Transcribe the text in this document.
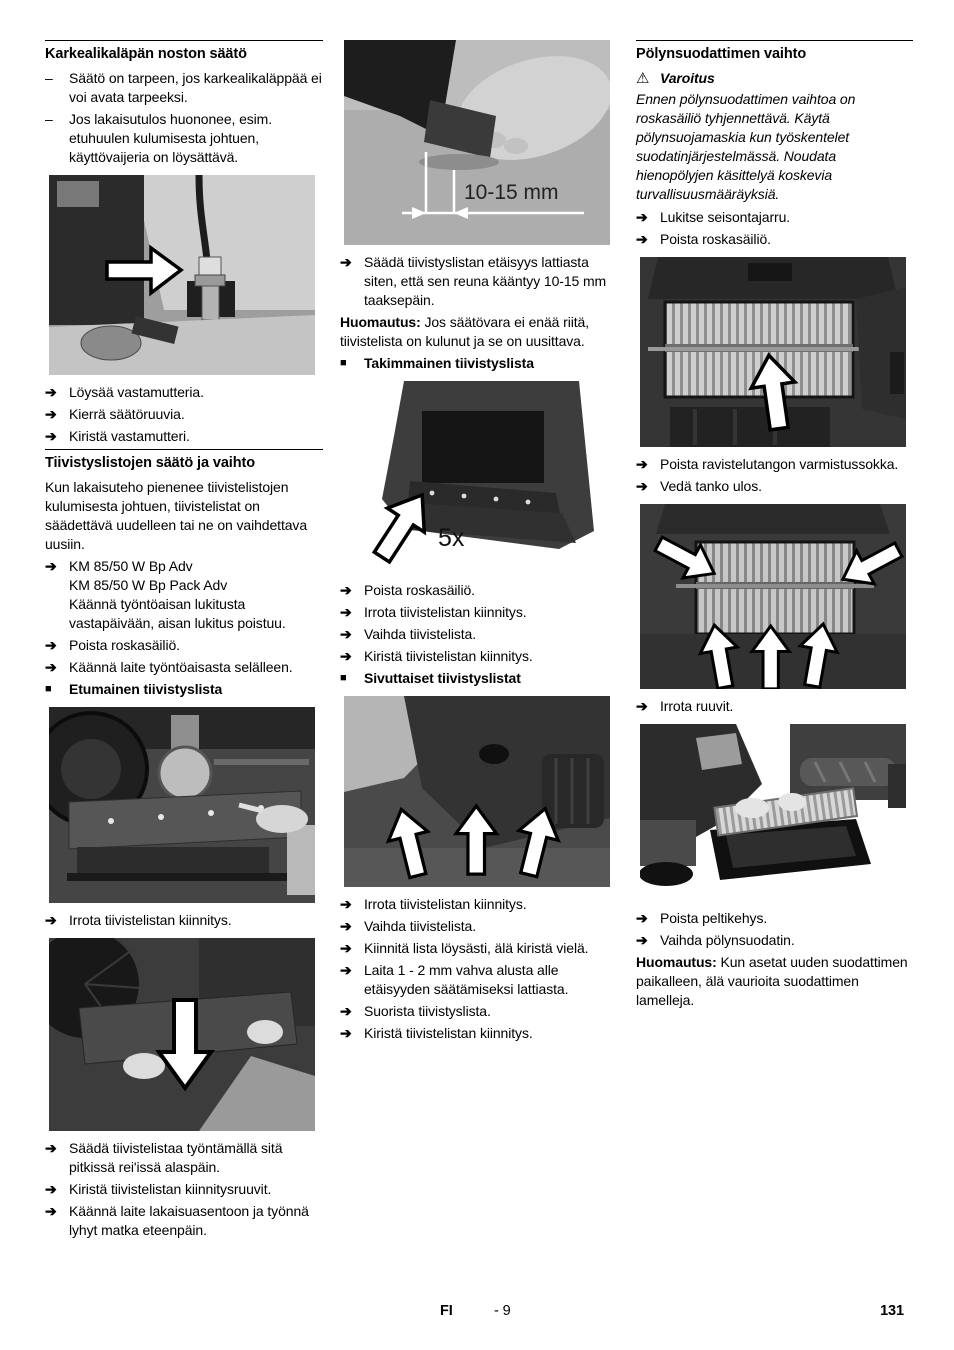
Karkealikaläpän noston säätö
–	Säätö on tarpeen, jos karkealikaläppää ei voi avata tarpeeksi.
–	Jos lakaisutulos huononee, esim. etuhuulen kulumisesta johtuen, käyttövaijeria on löysättävä.
➔ Löysää vastamutteria.
➔ Kierrä säätöruuvia.
➔ Kiristä vastamutteri.
Tiivistyslistojen säätö ja vaihto

Kun lakaisuteho pienenee tiivistelistojen kulumisesta johtuen, tiivistelistat on säädettävä uudelleen tai ne on vaihdettava uusiin.

➔ KM 85/50 W Bp Adv
KM 85/50 W Bp Pack Adv
Käännä työntöaisan lukitusta vastapäivään, aisan lukitus poistuu.
➔ Poista roskasäiliö.
➔ Käännä laite työntöaisasta selälleen.
■	Etumainen tiivistyslista
➔ Irrota tiivistelistan kiinnitys.
➔ Säädä tiivistelistaa työntämällä sitä pitkissä rei'issä alaspäin.
➔ Kiristä tiivistelistan kiinnitysruuvit.
➔ Käännä laite lakaisuasentoon ja työnnä lyhyt matka eteenpäin.
10-15 mm
➔ Säädä tiivistyslistan etäisyys lattiasta siten, että sen reuna kääntyy 10-15 mm taaksepäin.

Huomautus: Jos säätövara ei enää riitä, tiivistelista on kulunut ja se on uusittava.

■	Takimmainen tiivistyslista
5x
➔ Poista roskasäiliö.
➔ Irrota tiivistelistan kiinnitys.
➔ Vaihda tiivistelista.
➔ Kiristä tiivistelistan kiinnitys.
■	Sivuttaiset tiivistyslistat
➔ Irrota tiivistelistan kiinnitys.
➔ Vaihda tiivistelista.
➔ Kiinnitä lista löysästi, älä kiristä vielä.
➔ Laita 1 - 2 mm vahva alusta alle etäisyyden säätämiseksi lattiasta.
➔ Suorista tiivistyslista.
➔ Kiristä tiivistelistan kiinnitys.
Pölynsuodattimen vaihto
⚠ Varoitus

Ennen pölynsuodattimen vaihtoa on roskasäiliö tyhjennettävä. Käytä pölynsuojamaskia kun työskentelet suodatinjärjestelmässä. Noudata hienopölyjen käsittelyä koskevia turvallisuusmääräyksiä.

➔ Lukitse seisontajarru.
➔ Poista roskasäiliö.
➔ Poista ravistelutangon varmistussokka.
➔ Vedä tanko ulos.
➔ Irrota ruuvit.
➔ Poista peltikehys.
➔ Vaihda pölynsuodatin.

Huomautus: Kun asetat uuden suodattimen paikalleen, älä vaurioita suodattimen lamelleja.

FI	- 9	131
